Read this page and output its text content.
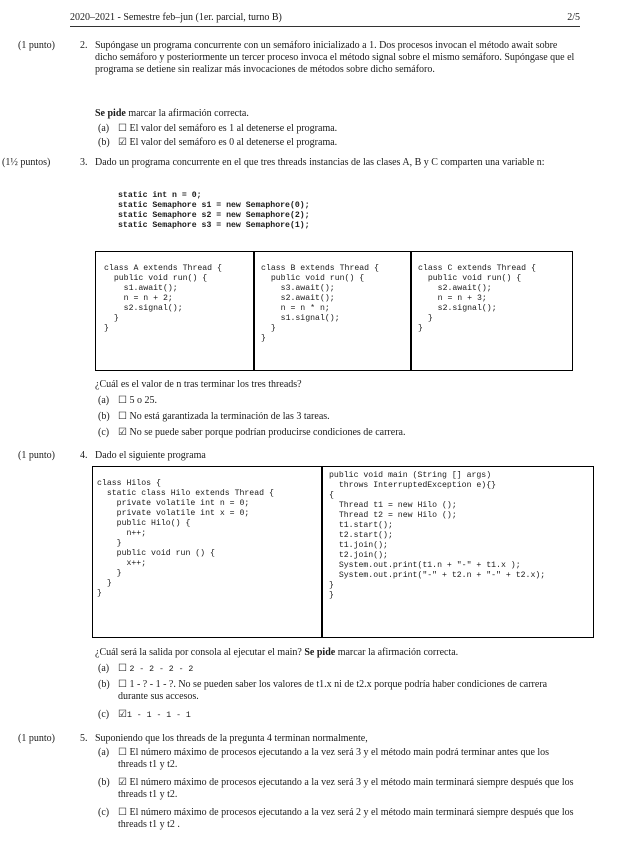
2020–2021 - Semestre feb–jun (1er. parcial, turno B)	2/5
(1 punto)	2. Supóngase un programa concurrente con un semáforo inicializado a 1. Dos procesos invocan el método await sobre dicho semáforo y posteriormente un tercer proceso invoca el método signal sobre el mismo semáforo. Supóngase que el programa se detiene sin realizar más invocaciones de métodos sobre dicho semáforo.
Se pide marcar la afirmación correcta.
(a) ☐ El valor del semáforo es 1 al detenerse el programa.
(b) ☑ El valor del semáforo es 0 al detenerse el programa.
(1½ puntos)	3. Dado un programa concurrente en el que tres threads instancias de las clases A, B y C comparten una variable n:
static int n = 0;
static Semaphore s1 = new Semaphore(0);
static Semaphore s2 = new Semaphore(2);
static Semaphore s3 = new Semaphore(1);
class A extends Thread {
public void run() {
s1.await();
n = n + 2;
s2.signal();
}
}
class B extends Thread {
public void run() {
s3.await();
s2.await();
n = n * n;
s1.signal();
}
}
class C extends Thread {
public void run() {
s2.await();
n = n + 3;
s2.signal();
}
}
¿Cuál es el valor de n tras terminar los tres threads?
(a) ☐ 5 o 25.
(b) ☐ No está garantizada la terminación de las 3 tareas.
(c) ☑ No se puede saber porque podrían producirse condiciones de carrera.
(1 punto)	4. Dado el siguiente programa
class Hilos {
static class Hilo extends Thread {
private volatile int n = 0;
private volatile int x = 0;
public Hilo() {
n++;
}
public void run () {
x++;
}
}
}
public void main (String [] args)
throws InterruptedException e){}
{
Thread t1 = new Hilo ();
Thread t2 = new Hilo ();
t1.start();
t2.start();
t1.join();
t2.join();
System.out.print(t1.n + "-" + t1.x );
System.out.print("-" + t2.n + "-" + t2.x);
}
}
¿Cuál será la salida por consola al ejecutar el main? Se pide marcar la afirmación correcta.
(a) ☐ 2 - 2 - 2 - 2
(b) ☐ 1 - ? - 1 - ?. No se pueden saber los valores de t1.x ni de t2.x porque podría haber condiciones de carrera durante sus accesos.
(c) ☑1 - 1 - 1 - 1
(1 punto)	5. Suponiendo que los threads de la pregunta 4 terminan normalmente,
(a) ☐ El número máximo de procesos ejecutando a la vez será 3 y el método main podrá terminar antes que los threads t1 y t2.
(b) ☑ El número máximo de procesos ejecutando a la vez será 3 y el método main terminará siempre después que los threads t1 y t2.
(c) ☐ El número máximo de procesos ejecutando a la vez será 2 y el método main terminará siempre después que los threads t1 y t2 .
